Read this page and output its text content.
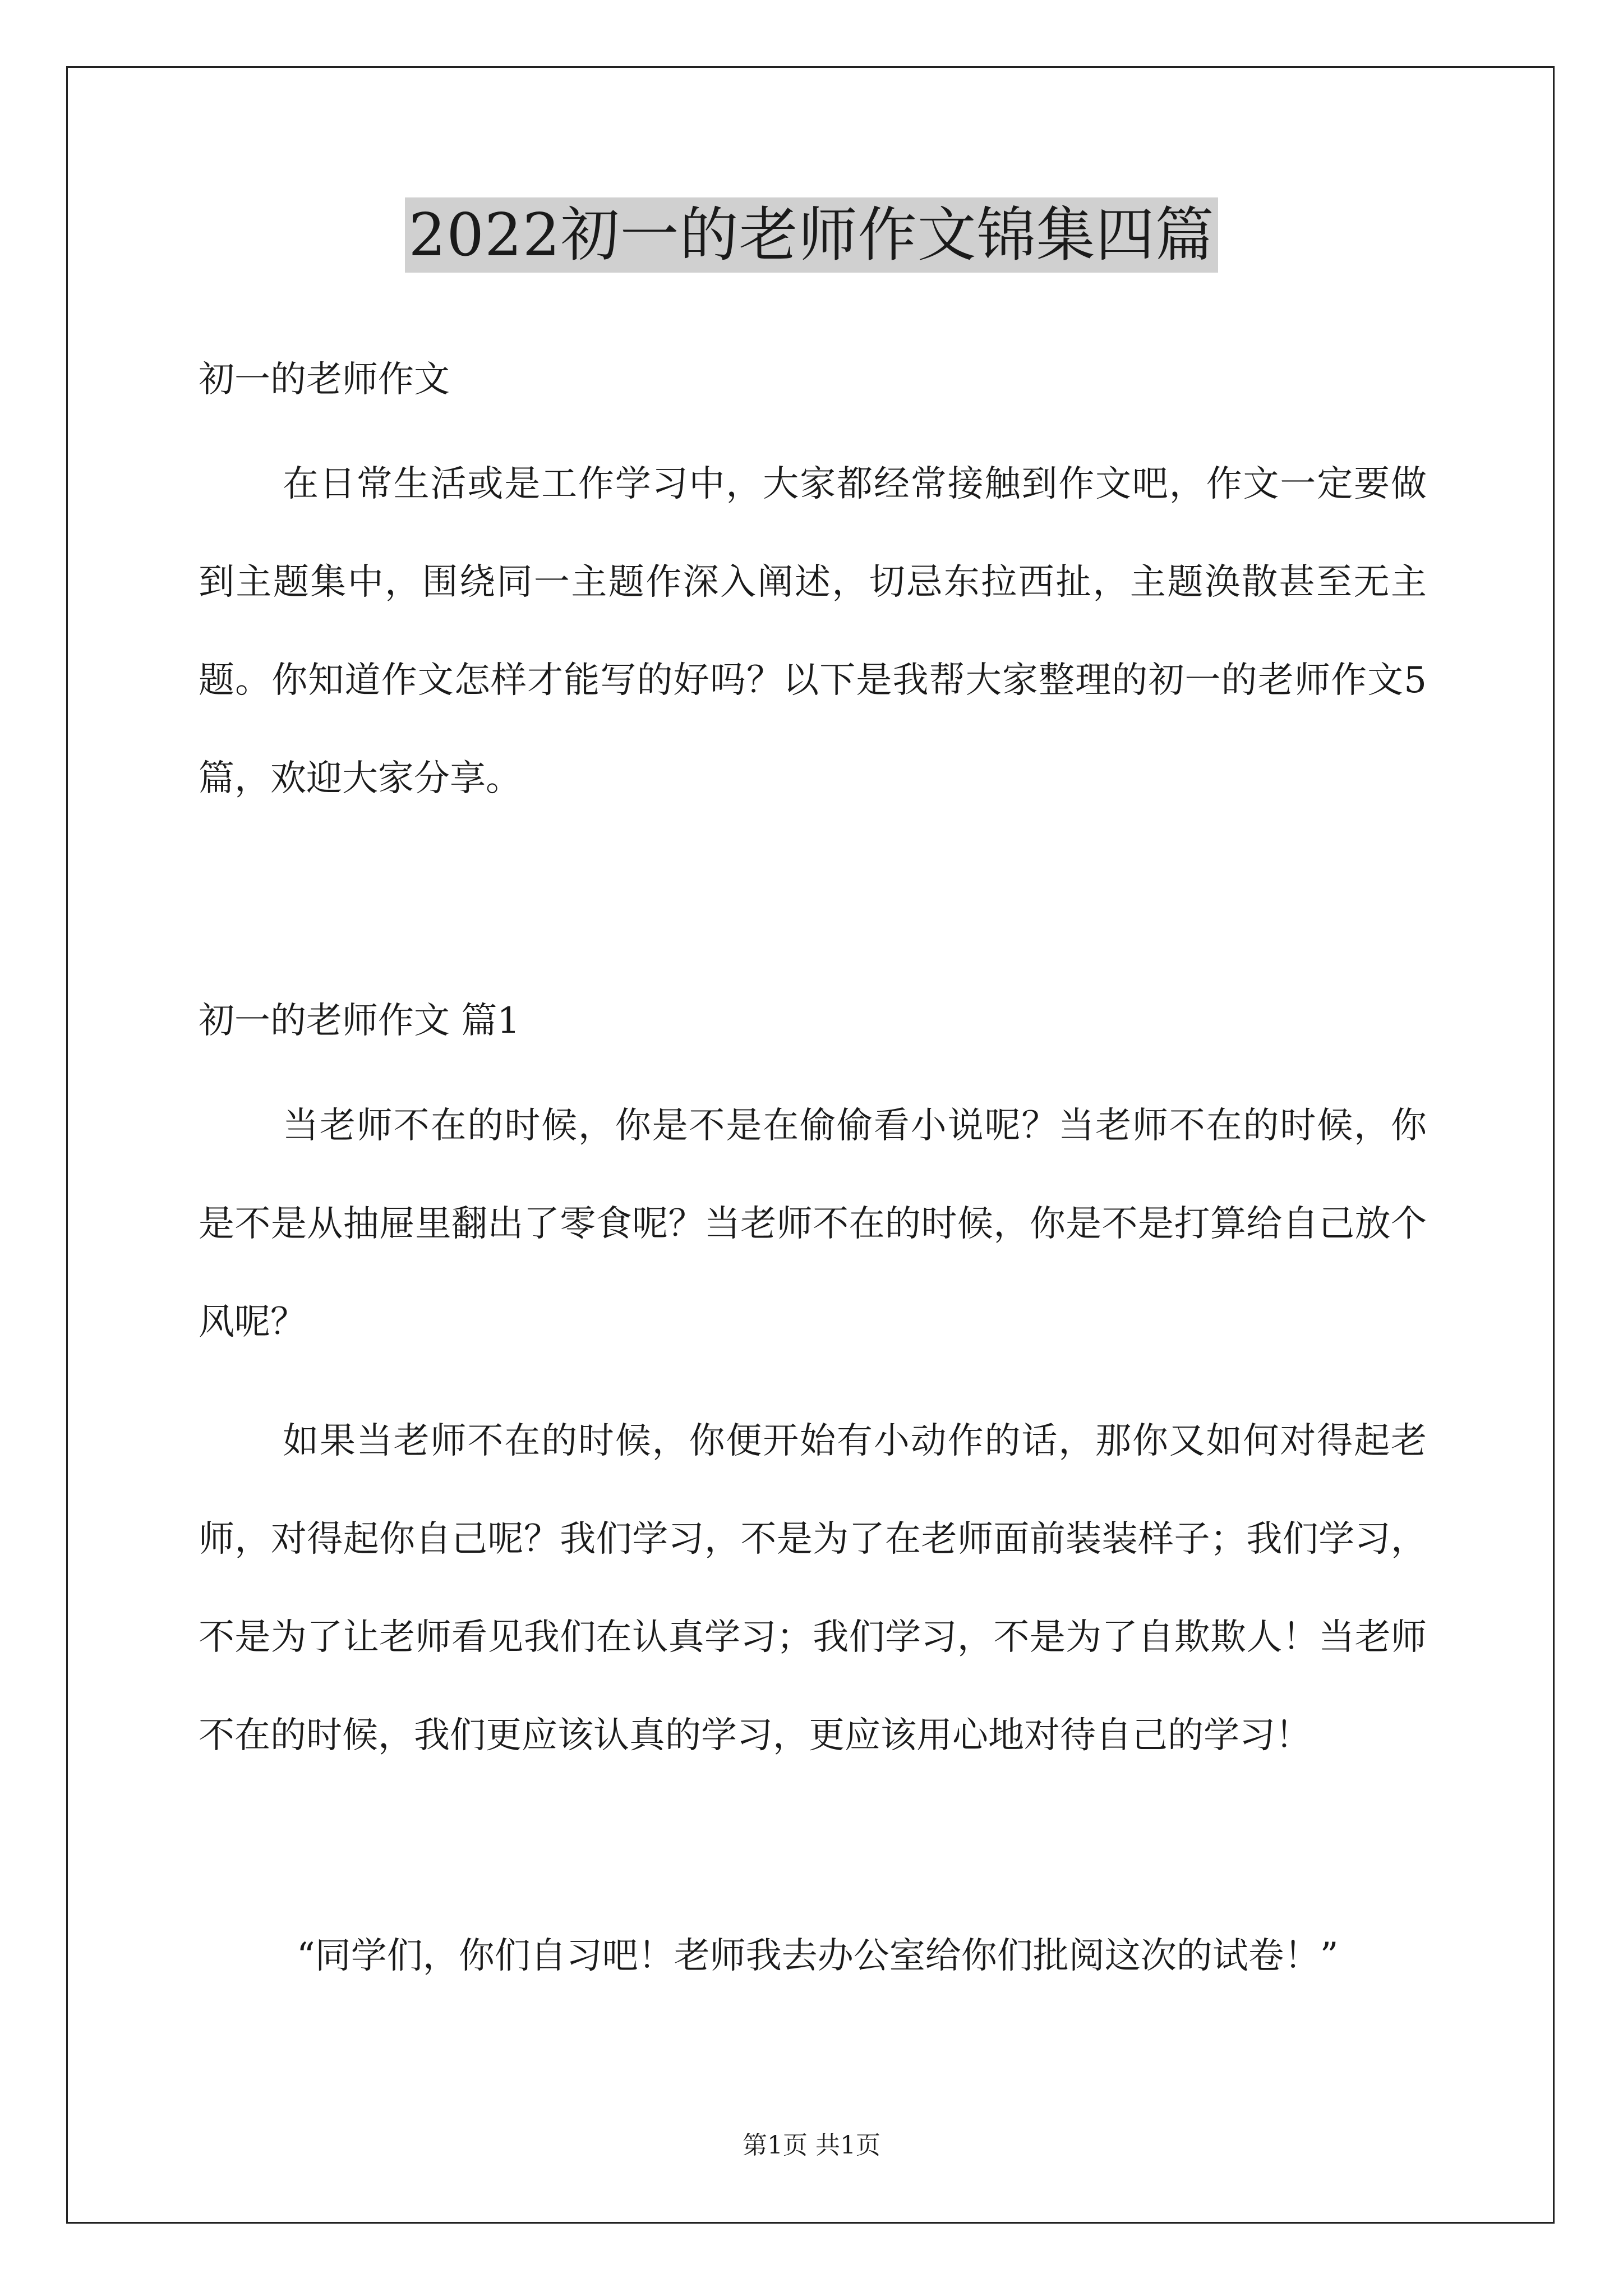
2022初一的老师作文锦集四篇
初一的老师作文
在日常生活或是工作学习中，大家都经常接触到作文吧，作文一定要做到主题集中，围绕同一主题作深入阐述，切忌东拉西扯，主题涣散甚至无主题。你知道作文怎样才能写的好吗？以下是我帮大家整理的初一的老师作文5篇，欢迎大家分享。
初一的老师作文 篇1
当老师不在的时候，你是不是在偷偷看小说呢？当老师不在的时候，你是不是从抽屉里翻出了零食呢？当老师不在的时候，你是不是打算给自己放个风呢？
如果当老师不在的时候，你便开始有小动作的话，那你又如何对得起老师，对得起你自己呢？我们学习，不是为了在老师面前装装样子；我们学习，不是为了让老师看见我们在认真学习；我们学习，不是为了自欺欺人！当老师不在的时候，我们更应该认真的学习，更应该用心地对待自己的学习！
“同学们，你们自习吧！老师我去办公室给你们批阅这次的试卷！”
第1页 共1页
